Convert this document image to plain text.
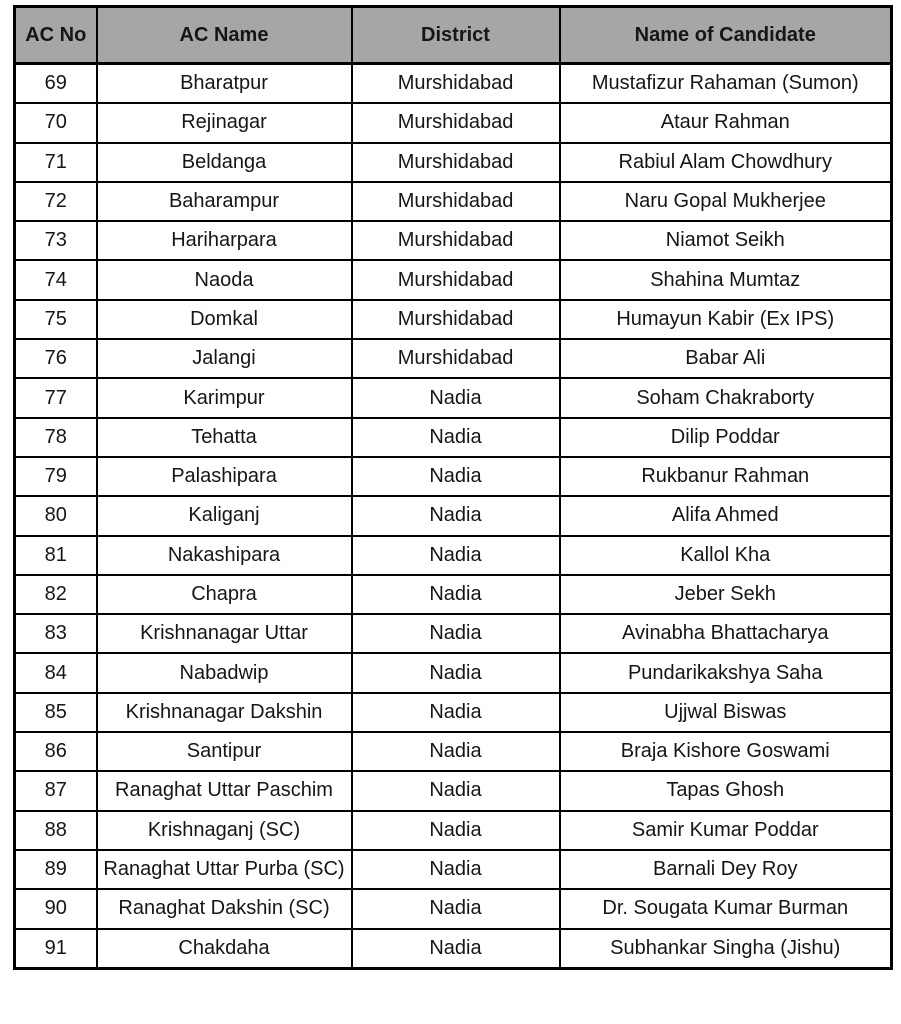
AC No	AC Name	District	Name of Candidate
69	Bharatpur	Murshidabad	Mustafizur Rahaman (Sumon)
70	Rejinagar	Murshidabad	Ataur Rahman
71	Beldanga	Murshidabad	Rabiul Alam Chowdhury
72	Baharampur	Murshidabad	Naru Gopal Mukherjee
73	Hariharpara	Murshidabad	Niamot Seikh
74	Naoda	Murshidabad	Shahina Mumtaz
75	Domkal	Murshidabad	Humayun Kabir (Ex IPS)
76	Jalangi	Murshidabad	Babar Ali
77	Karimpur	Nadia	Soham Chakraborty
78	Tehatta	Nadia	Dilip Poddar
79	Palashipara	Nadia	Rukbanur Rahman
80	Kaliganj	Nadia	Alifa Ahmed
81	Nakashipara	Nadia	Kallol Kha
82	Chapra	Nadia	Jeber Sekh
83	Krishnanagar Uttar	Nadia	Avinabha Bhattacharya
84	Nabadwip	Nadia	Pundarikakshya Saha
85	Krishnanagar Dakshin	Nadia	Ujjwal Biswas
86	Santipur	Nadia	Braja Kishore Goswami
87	Ranaghat Uttar Paschim	Nadia	Tapas Ghosh
88	Krishnaganj (SC)	Nadia	Samir Kumar Poddar
89	Ranaghat Uttar Purba (SC)	Nadia	Barnali Dey Roy
90	Ranaghat Dakshin (SC)	Nadia	Dr. Sougata Kumar Burman
91	Chakdaha	Nadia	Subhankar Singha (Jishu)
